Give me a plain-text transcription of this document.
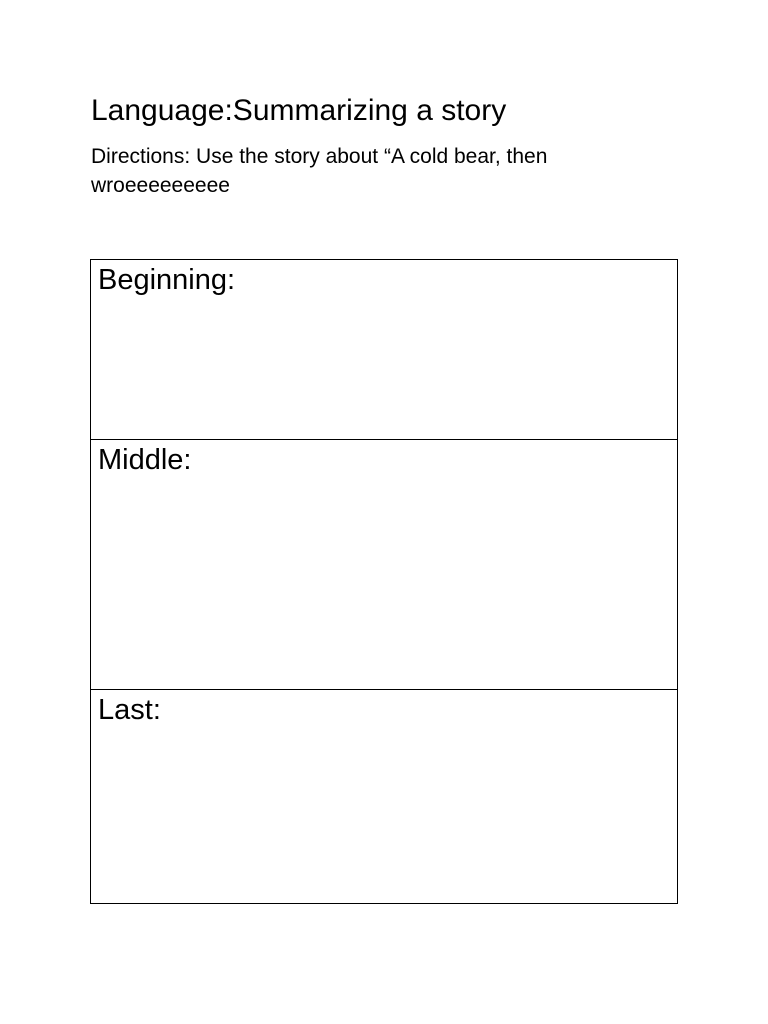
Language:Summarizing a story

Directions: Use the story about “A cold bear, then wroeeeeeeeee

Beginning:

Middle:

Last:
